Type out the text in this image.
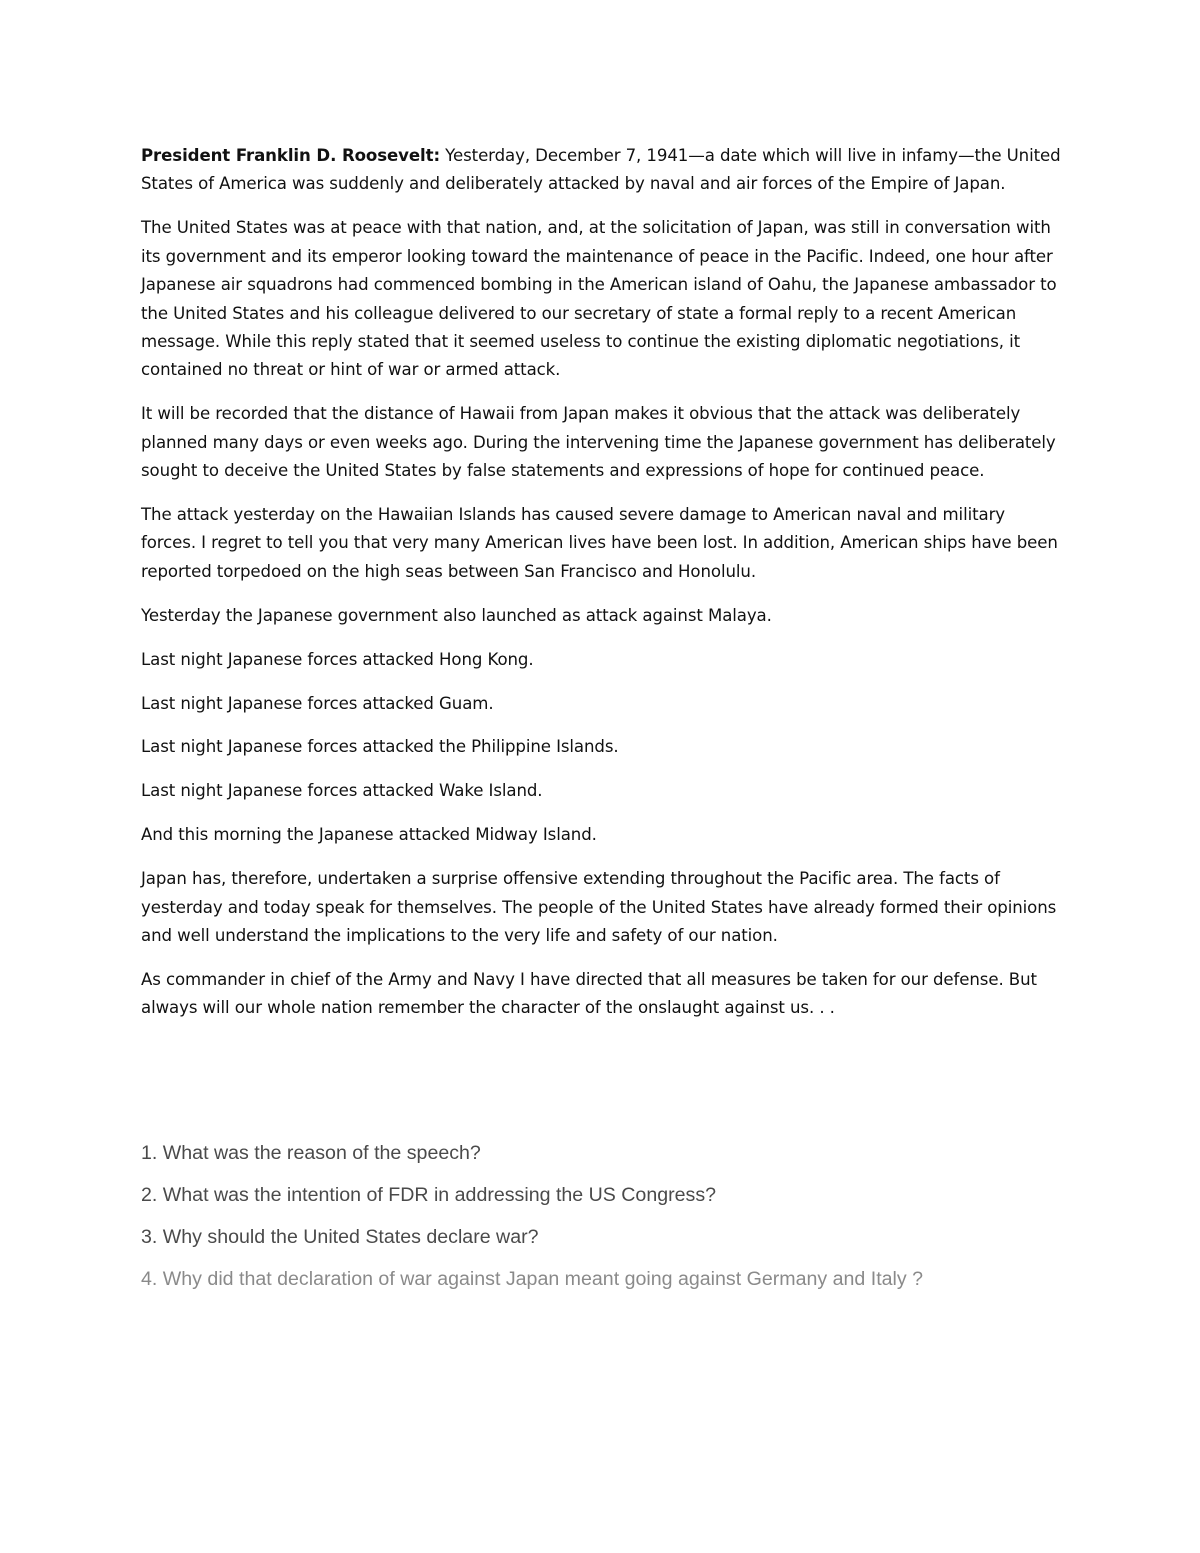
President Franklin D. Roosevelt: Yesterday, December 7, 1941—a date which will live in infamy—the United States of America was suddenly and deliberately attacked by naval and air forces of the Empire of Japan.

The United States was at peace with that nation, and, at the solicitation of Japan, was still in conversation with its government and its emperor looking toward the maintenance of peace in the Pacific. Indeed, one hour after Japanese air squadrons had commenced bombing in the American island of Oahu, the Japanese ambassador to the United States and his colleague delivered to our secretary of state a formal reply to a recent American message. While this reply stated that it seemed useless to continue the existing diplomatic negotiations, it contained no threat or hint of war or armed attack.

It will be recorded that the distance of Hawaii from Japan makes it obvious that the attack was deliberately planned many days or even weeks ago. During the intervening time the Japanese government has deliberately sought to deceive the United States by false statements and expressions of hope for continued peace.

The attack yesterday on the Hawaiian Islands has caused severe damage to American naval and military forces. I regret to tell you that very many American lives have been lost. In addition, American ships have been reported torpedoed on the high seas between San Francisco and Honolulu.

Yesterday the Japanese government also launched as attack against Malaya.

Last night Japanese forces attacked Hong Kong.

Last night Japanese forces attacked Guam.

Last night Japanese forces attacked the Philippine Islands.

Last night Japanese forces attacked Wake Island.

And this morning the Japanese attacked Midway Island.

Japan has, therefore, undertaken a surprise offensive extending throughout the Pacific area. The facts of yesterday and today speak for themselves. The people of the United States have already formed their opinions and well understand the implications to the very life and safety of our nation.

As commander in chief of the Army and Navy I have directed that all measures be taken for our defense. But always will our whole nation remember the character of the onslaught against us. . .

1. What was the reason of the speech?
2. What was the intention of FDR in addressing the US Congress?
3. Why should the United States declare war?
4. Why did that declaration of war against Japan meant going against Germany and Italy ?
